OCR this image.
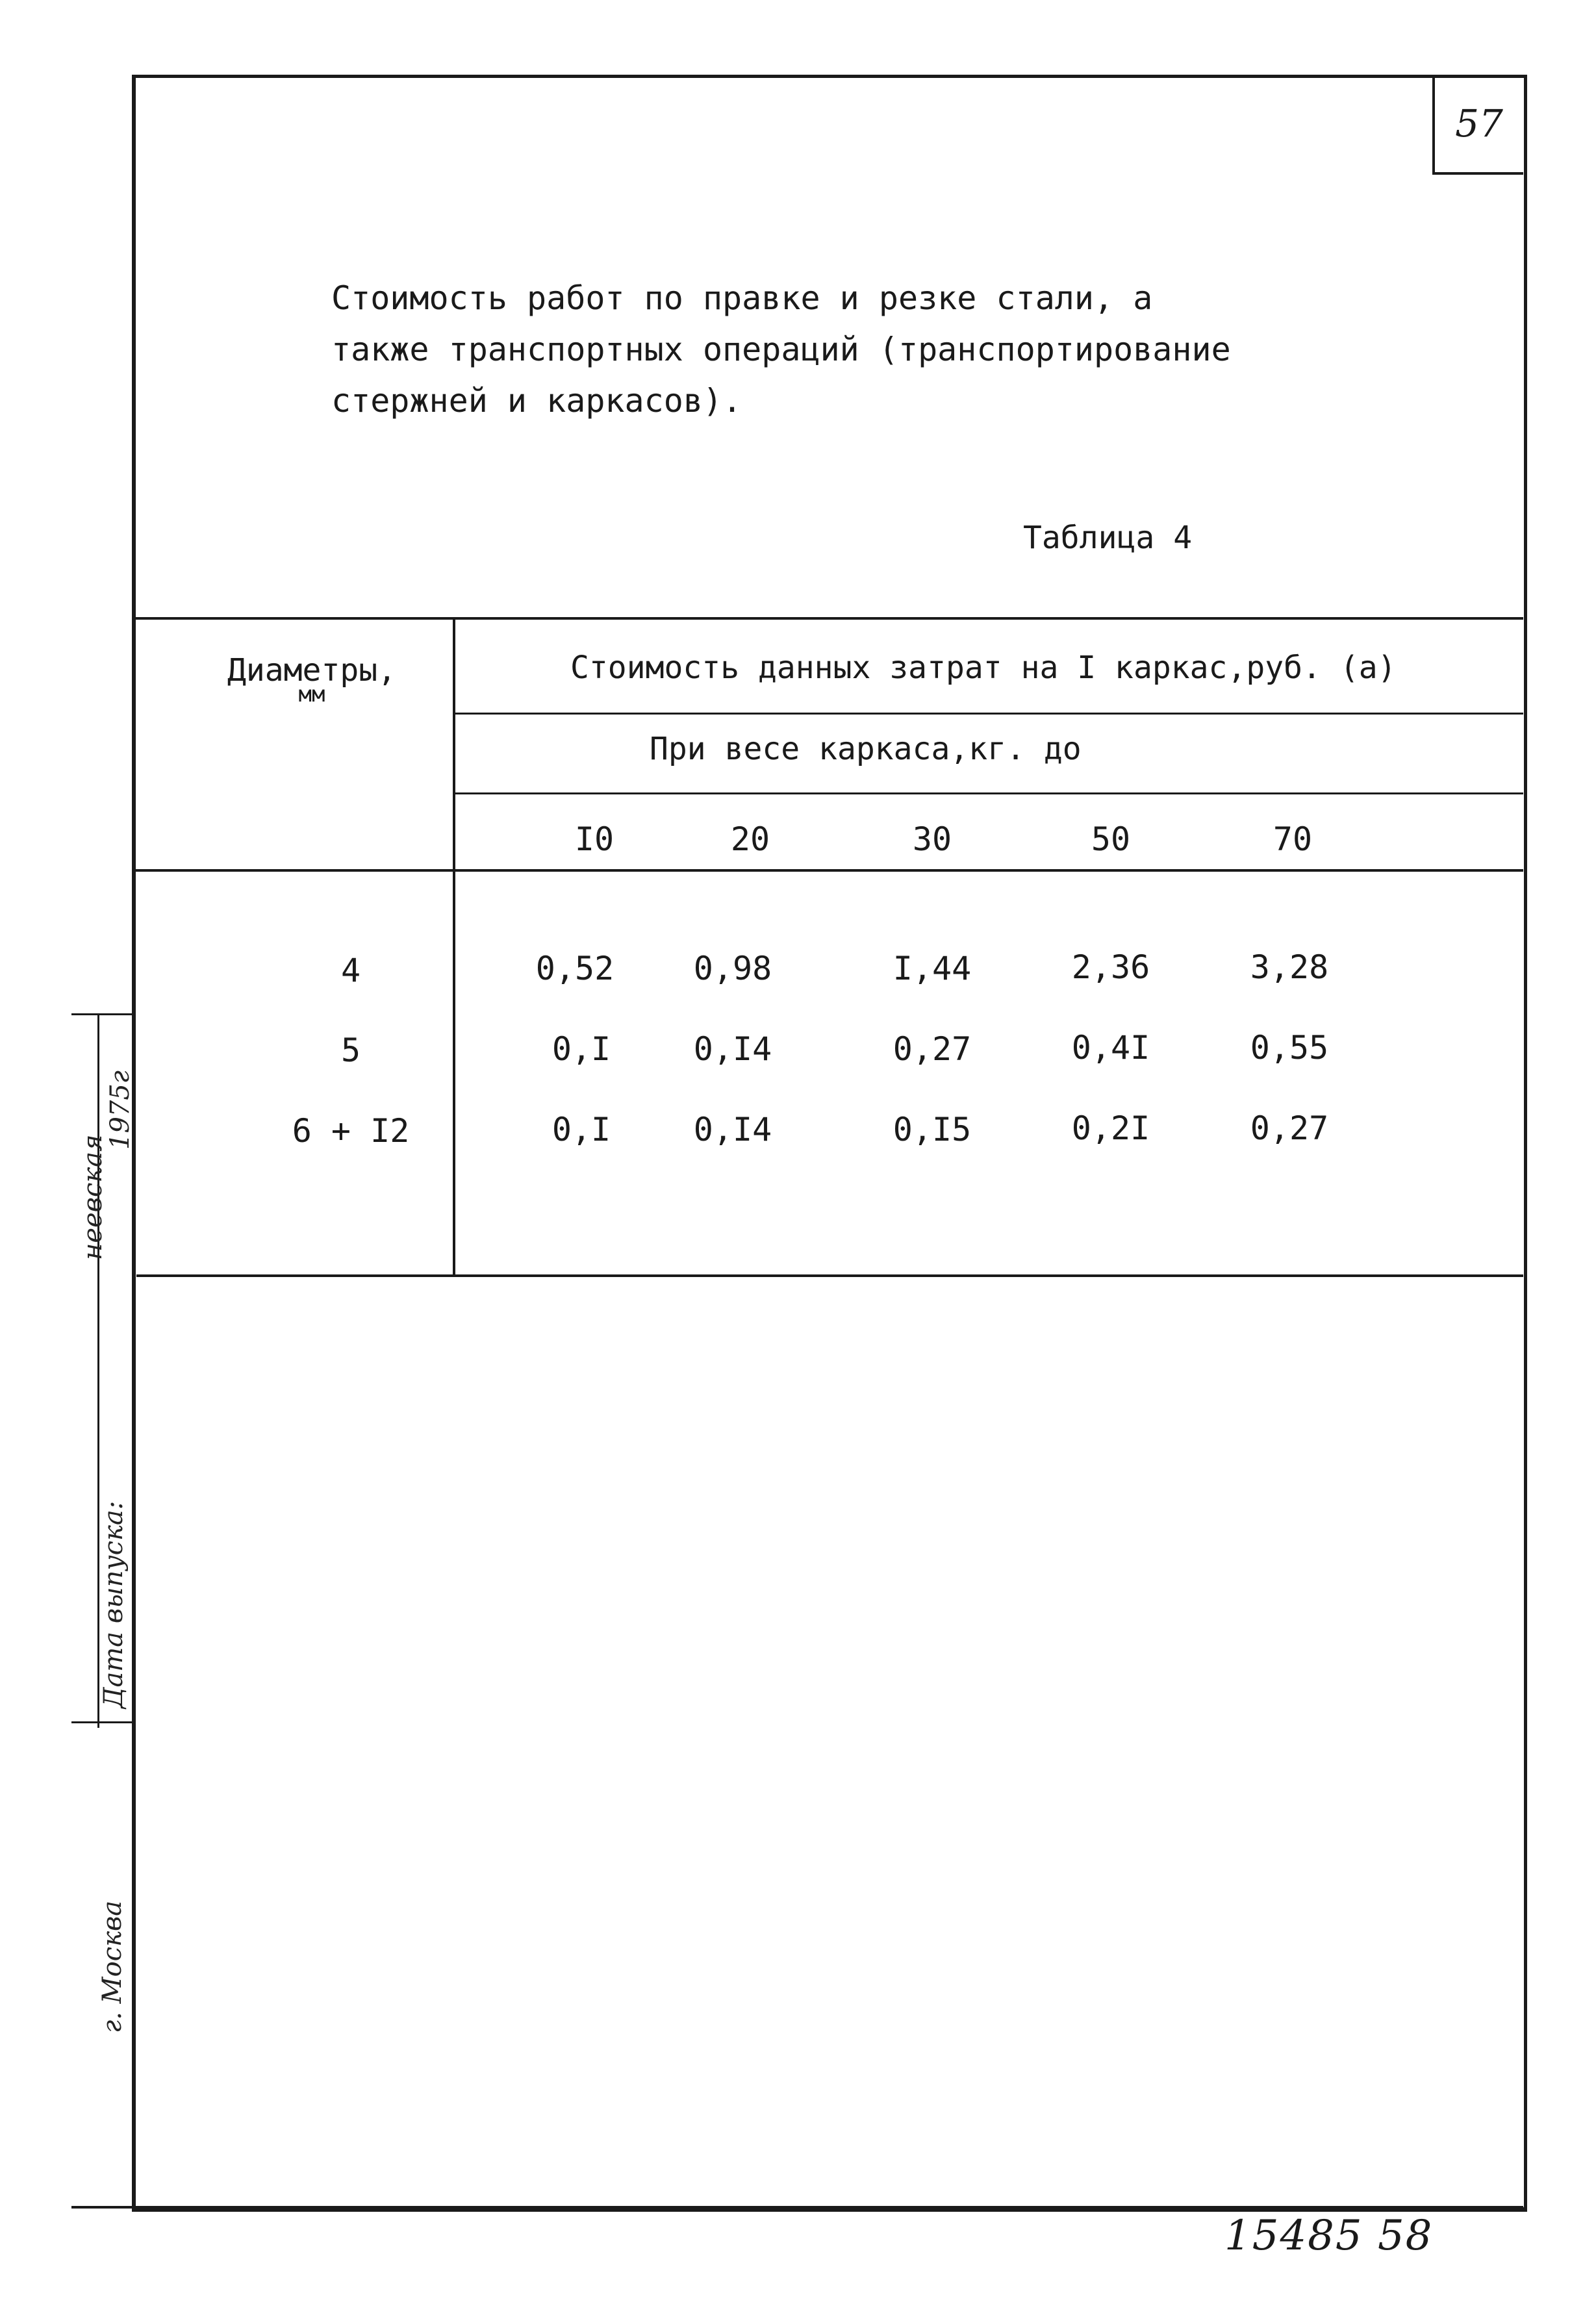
57
Стоимость работ по правке и резке стали, а
также транспортных операций (транспортирование
стержней и каркасов).
Таблица 4
Диаметры,
мм
Стоимость данных затрат на I каркас,руб. (а)
При весе каркаса,кг. до
I0	20	30	50	70
4	0,52	0,98	I,44	2,36	3,28
5	0,I	0,I4	0,27	0,4I	0,55
6 + I2	0,I	0,I4	0,I5	0,2I	0,27
неевская
1975г
Дата выпуска:
г. Москва
15485 58
